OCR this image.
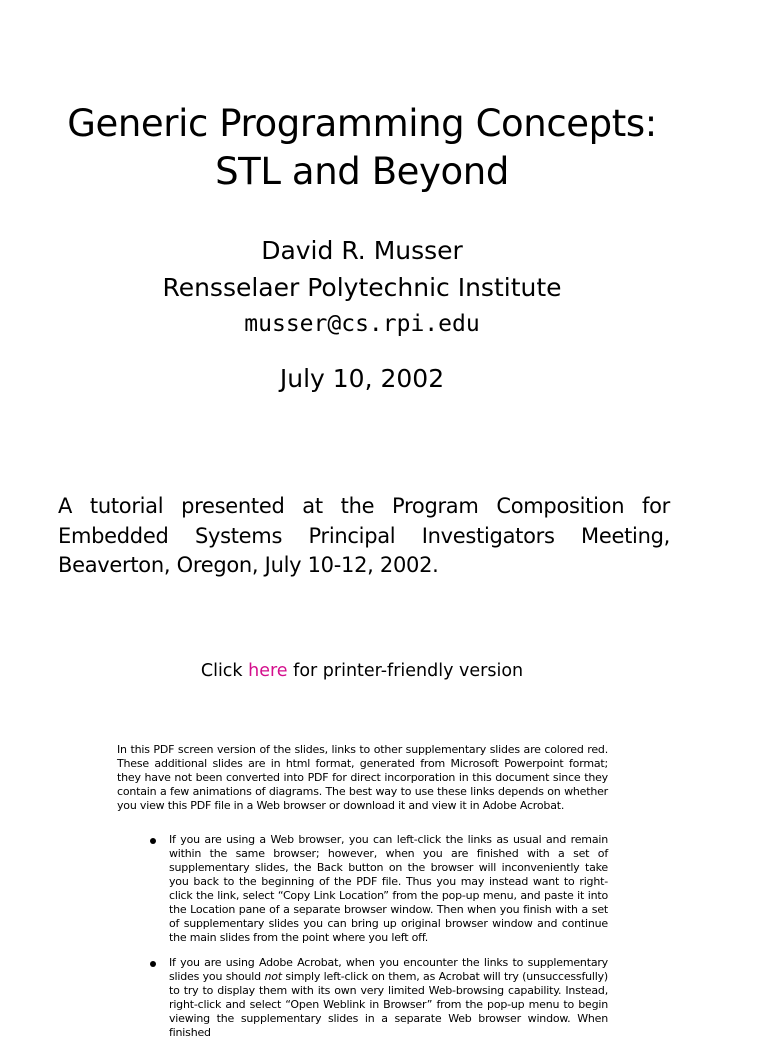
Generic Programming Concepts:
STL and Beyond
David R. Musser
Rensselaer Polytechnic Institute
musser@cs.rpi.edu
July 10, 2002
A tutorial presented at the Program Composition for Embedded Systems Principal Investigators Meeting, Beaverton, Oregon, July 10-12, 2002.
Click here for printer-friendly version
In this PDF screen version of the slides, links to other supplementary slides are colored red. These additional slides are in html format, generated from Microsoft Powerpoint format; they have not been converted into PDF for direct incorporation in this document since they contain a few animations of diagrams. The best way to use these links depends on whether you view this PDF file in a Web browser or download it and view it in Adobe Acrobat.
If you are using a Web browser, you can left-click the links as usual and remain within the same browser; however, when you are finished with a set of supplementary slides, the Back button on the browser will inconveniently take you back to the beginning of the PDF file. Thus you may instead want to right-click the link, select “Copy Link Location” from the pop-up menu, and paste it into the Location pane of a separate browser window. Then when you finish with a set of supplementary slides you can bring up original browser window and continue the main slides from the point where you left off.
If you are using Adobe Acrobat, when you encounter the links to supplementary slides you should not simply left-click on them, as Acrobat will try (unsuccessfully) to try to display them with its own very limited Web-browsing capability. Instead, right-click and select “Open Weblink in Browser” from the pop-up menu to begin viewing the supplementary slides in a separate Web browser window. When finished
